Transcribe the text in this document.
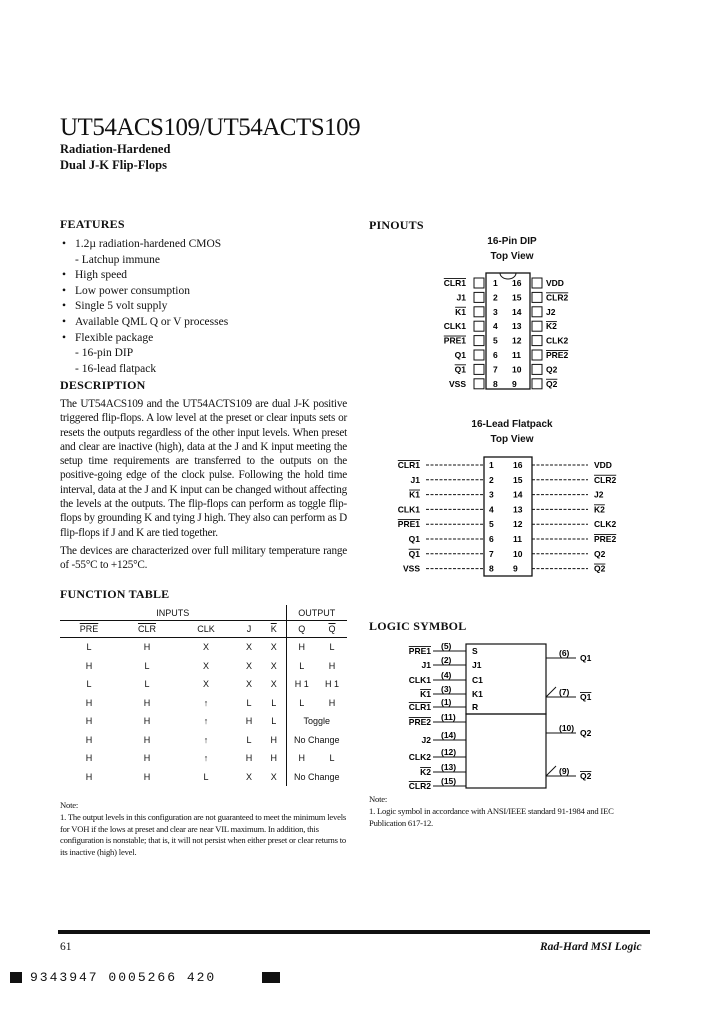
UT54ACS109/UT54ACTS109
Radiation-Hardened
Dual J-K Flip-Flops
FEATURES
• 1.2µ radiation-hardened CMOS
- Latchup immune
• High speed
• Low power consumption
• Single 5 volt supply
• Available QML Q or V processes
• Flexible package
- 16-pin DIP
- 16-lead flatpack
DESCRIPTION

The UT54ACS109 and the UT54ACTS109 are dual J-K positive triggered flip-flops. A low level at the preset or clear inputs sets or resets the outputs regardless of the other input levels. When preset and clear are inactive (high), data at the J and K input meeting the setup time requirements are transferred to the outputs on the positive-going edge of the clock pulse. Following the hold time interval, data at the J and K input can be changed without affecting the levels at the outputs. The flip-flops can perform as toggle flip-flops by grounding K and tying J high. They also can perform as D flip-flops if J and K are tied together.

The devices are characterized over full military temperature range of -55°C to +125°C.

FUNCTION TABLE
INPUTS					OUTPUT	
$\overline{PRE}$	$\overline{CLR}$	CLK	J	$\overline{K}$	Q	$\overline{Q}$
L	H	X	X	X	H	L
H	L	X	X	X	L	H
L	L	X	X	X	H 1	H 1
H	H	↑	L	L	L	H
H	H	↑	H	L	Toggle	
H	H	↑	L	H	No Change	
H	H	↑	H	H	H	L
H	H	L	X	X	No Change	
Note:
1. The output levels in this configuration are not guaranteed to meet the minimum levels for VOH if the lows at preset and clear are near VIL maximum. In addition, this configuration is nonstable; that is, it will not persist when either preset or clear returns to its inactive (high) level.
PINOUTS
16-Pin DIP
Top View
16-Lead Flatpack
Top View
CLR1	1
J1	2
K1	3
CLK1	4
PRE1	5
Q1	6
Q1	7
VSS	8
VDD
16
CLR2
15
J2
14
K2
13
CLK2
12
PRE2
11
Q2
10
Q2
9
CLR1	1
J1	2
K1	3
CLK1	4
PRE1	5
Q1	6
Q1	7
VSS	8
VDD
16
CLR2
15
J2
14
K2
13
CLK2
12
PRE2
11
Q2
10
Q2
9
PRE1 (5) S
J1 (2) J1
CLK1 (4) C1
K1 (3) K1
CLR1 (1) R
PRE2 (11)
J2 (14)
CLK2 (12)
K2 (13)
CLR2 (15)
(6) Q1
(7) Q1
(10) Q2
(9) Q2
LOGIC SYMBOL
Note:
1. Logic symbol in accordance with ANSI/IEEE standard 91-1984 and IEC Publication 617-12.
61	Rad-Hard MSI Logic
9343947 0005266 420
